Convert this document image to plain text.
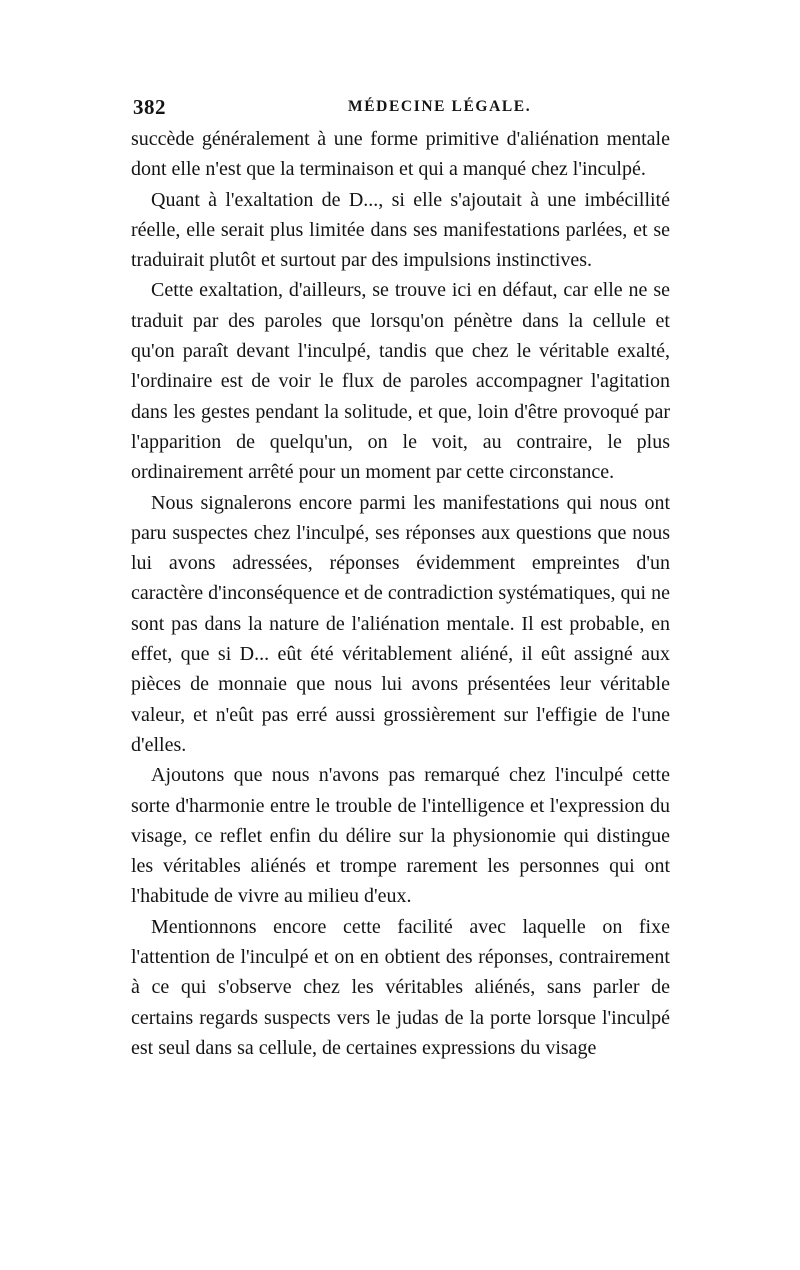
382	MÉDECINE LÉGALE.

succède généralement à une forme primitive d'aliénation mentale dont elle n'est que la terminaison et qui a manqué chez l'inculpé.

Quant à l'exaltation de D..., si elle s'ajoutait à une imbécillité réelle, elle serait plus limitée dans ses manifestations parlées, et se traduirait plutôt et surtout par des impulsions instinctives.

Cette exaltation, d'ailleurs, se trouve ici en défaut, car elle ne se traduit par des paroles que lorsqu'on pénètre dans la cellule et qu'on paraît devant l'inculpé, tandis que chez le véritable exalté, l'ordinaire est de voir le flux de paroles accompagner l'agitation dans les gestes pendant la solitude, et que, loin d'être provoqué par l'apparition de quelqu'un, on le voit, au contraire, le plus ordinairement arrêté pour un moment par cette circonstance.

Nous signalerons encore parmi les manifestations qui nous ont paru suspectes chez l'inculpé, ses réponses aux questions que nous lui avons adressées, réponses évidemment empreintes d'un caractère d'inconséquence et de contradiction systématiques, qui ne sont pas dans la nature de l'aliénation mentale. Il est probable, en effet, que si D... eût été véritablement aliéné, il eût assigné aux pièces de monnaie que nous lui avons présentées leur véritable valeur, et n'eût pas erré aussi grossièrement sur l'effigie de l'une d'elles.

Ajoutons que nous n'avons pas remarqué chez l'inculpé cette sorte d'harmonie entre le trouble de l'intelligence et l'expression du visage, ce reflet enfin du délire sur la physionomie qui distingue les véritables aliénés et trompe rarement les personnes qui ont l'habitude de vivre au milieu d'eux.

Mentionnons encore cette facilité avec laquelle on fixe l'attention de l'inculpé et on en obtient des réponses, contrairement à ce qui s'observe chez les véritables aliénés, sans parler de certains regards suspects vers le judas de la porte lorsque l'inculpé est seul dans sa cellule, de certaines expressions du visage
